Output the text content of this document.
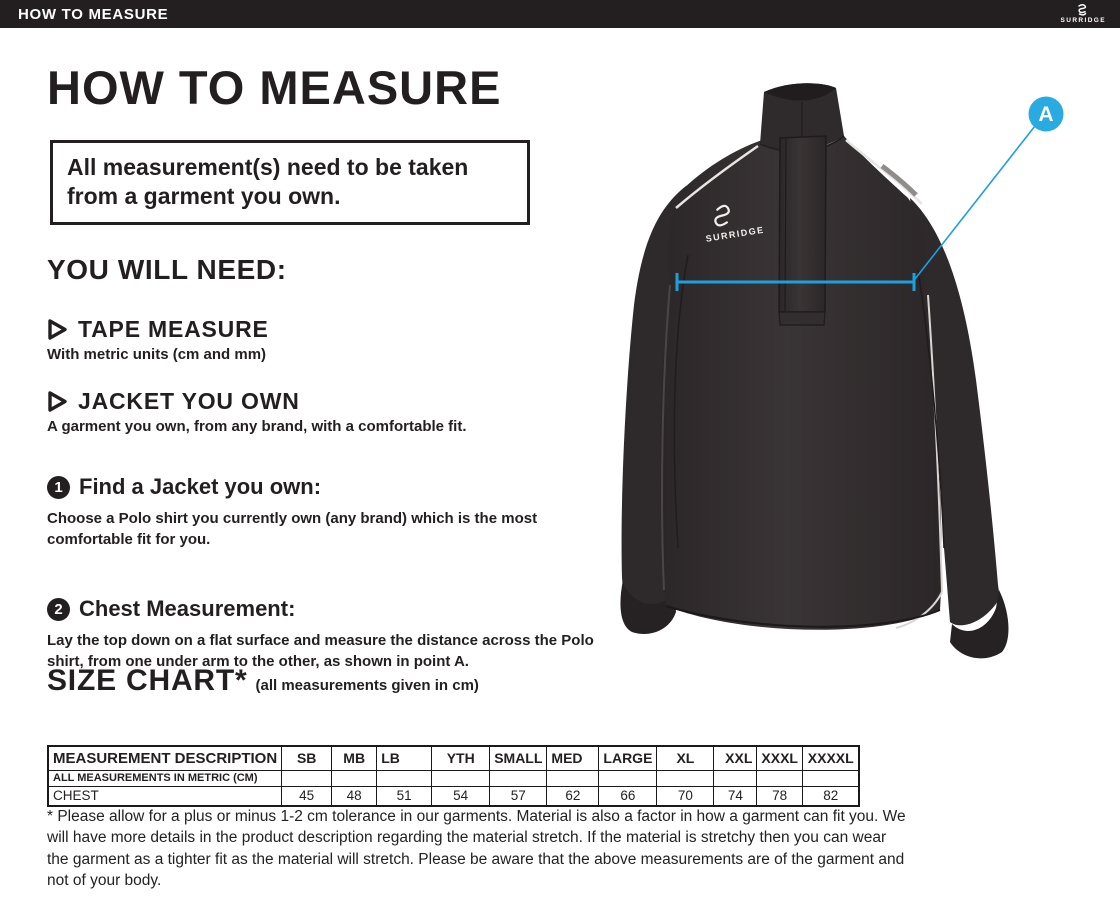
HOW TO MEASURE	SURRIDGE
HOW TO MEASURE
All measurement(s) need to be taken from a garment you own.
YOU WILL NEED:
TAPE MEASURE
With metric units (cm and mm)
JACKET YOU OWN
A garment you own, from any brand, with a comfortable fit.
1 Find a Jacket you own:
Choose a Polo shirt you currently own (any brand) which is the most comfortable fit for you.
2 Chest Measurement:
Lay the top down on a flat surface and measure the distance across the Polo shirt, from one under arm to the other, as shown in point A.
SIZE CHART* (all measurements given in cm)
MEASUREMENT DESCRIPTION	SB	MB	LB	YTH	SMALL	MED	LARGE	XL	XXL	XXXL	XXXXL
ALL MEASUREMENTS IN METRIC (CM)											
CHEST	45	48	51	54	57	62	66	70	74	78	82
* Please allow for a plus or minus 1-2 cm tolerance in our garments. Material is also a factor in how a garment can fit you. We will have more details in the product description regarding the material stretch. If the material is stretchy then you can wear the garment as a tighter fit as the material will stretch. Please be aware that the above measurements are of the garment and not of your body.
SURRIDGE
A
